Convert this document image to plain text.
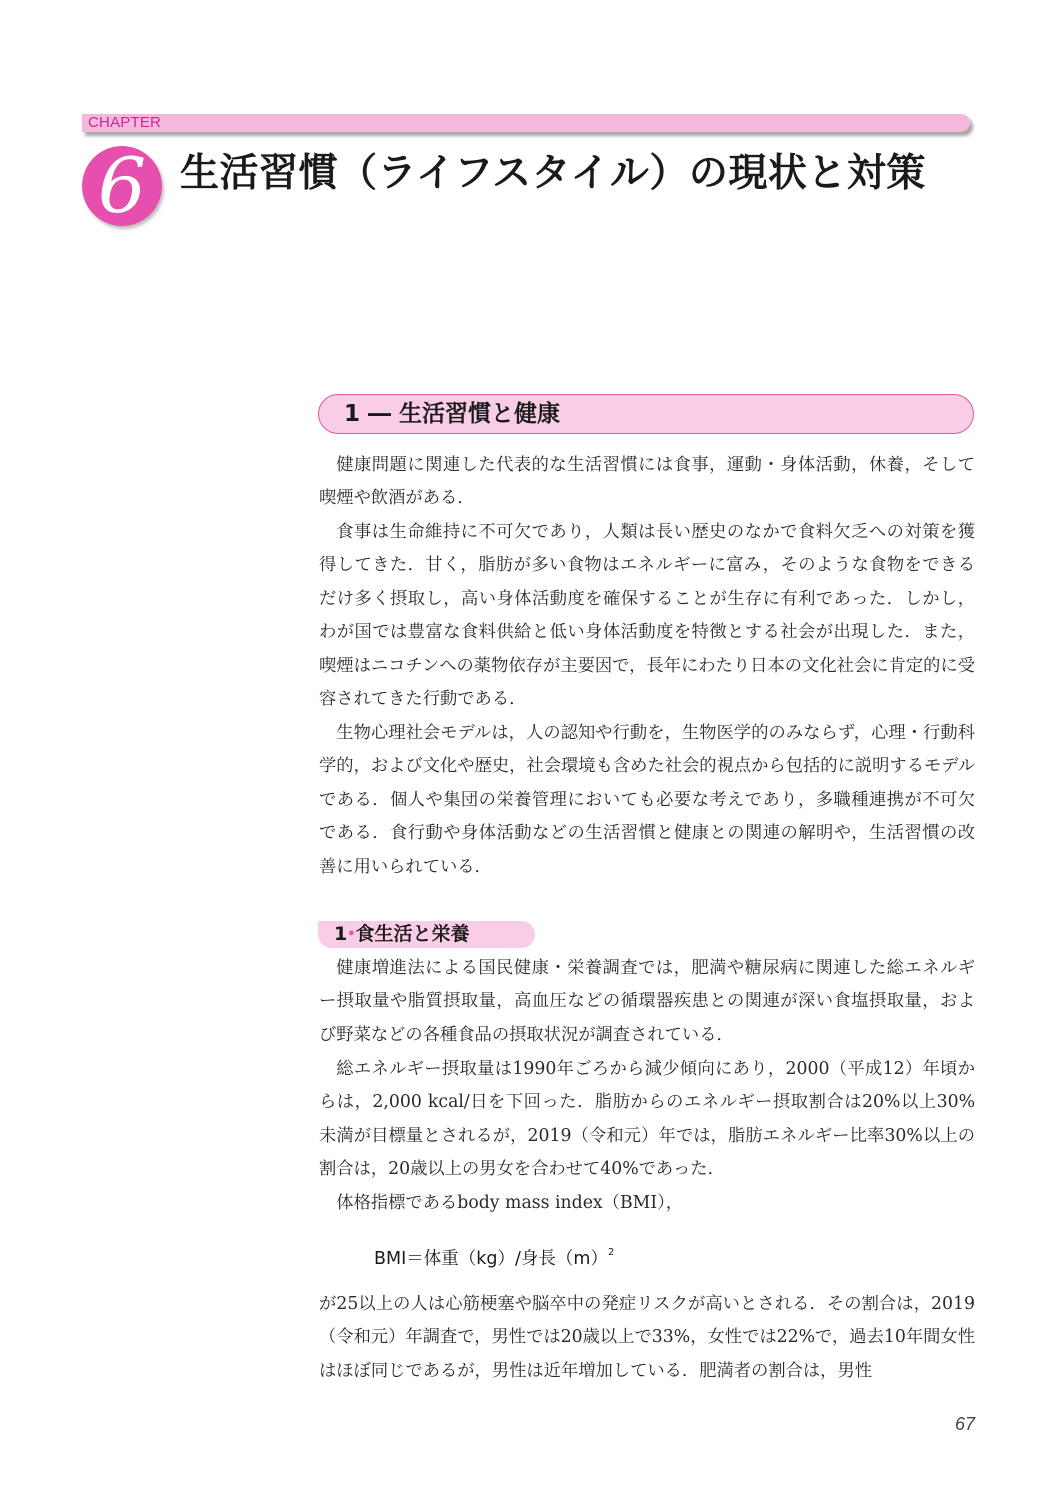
CHAPTER
6 生活習慣（ライフスタイル）の現状と対策
1 ― 生活習慣と健康

健康問題に関連した代表的な生活習慣には食事，運動・身体活動，休養，そして喫煙や飲酒がある．

食事は生命維持に不可欠であり，人類は長い歴史のなかで食料欠乏への対策を獲得してきた．甘く，脂肪が多い食物はエネルギーに富み，そのような食物をできるだけ多く摂取し，高い身体活動度を確保することが生存に有利であった．しかし，わが国では豊富な食料供給と低い身体活動度を特徴とする社会が出現した．また，喫煙はニコチンへの薬物依存が主要因で，長年にわたり日本の文化社会に肯定的に受容されてきた行動である．

生物心理社会モデルは，人の認知や行動を，生物医学的のみならず，心理・行動科学的，および文化や歴史，社会環境も含めた社会的視点から包括的に説明するモデルである．個人や集団の栄養管理においても必要な考えであり，多職種連携が不可欠である．食行動や身体活動などの生活習慣と健康との関連の解明や，生活習慣の改善に用いられている．

1•食生活と栄養

健康増進法による国民健康・栄養調査では，肥満や糖尿病に関連した総エネルギー摂取量や脂質摂取量，高血圧などの循環器疾患との関連が深い食塩摂取量，および野菜などの各種食品の摂取状況が調査されている．

総エネルギー摂取量は1990年ごろから減少傾向にあり，2000（平成12）年頃からは，2,000 kcal/日を下回った．脂肪からのエネルギー摂取割合は20%以上30%未満が目標量とされるが，2019（令和元）年では，脂肪エネルギー比率30%以上の割合は，20歳以上の男女を合わせて40%であった．

体格指標であるbody mass index（BMI），

BMI＝体重（kg）/身長$(m)^2$

が25以上の人は心筋梗塞や脳卒中の発症リスクが高いとされる．その割合は，2019（令和元）年調査で，男性では20歳以上で33%，女性では22%で，過去10年間女性はほぼ同じであるが，男性は近年増加している．肥満者の割合は，男性

67
